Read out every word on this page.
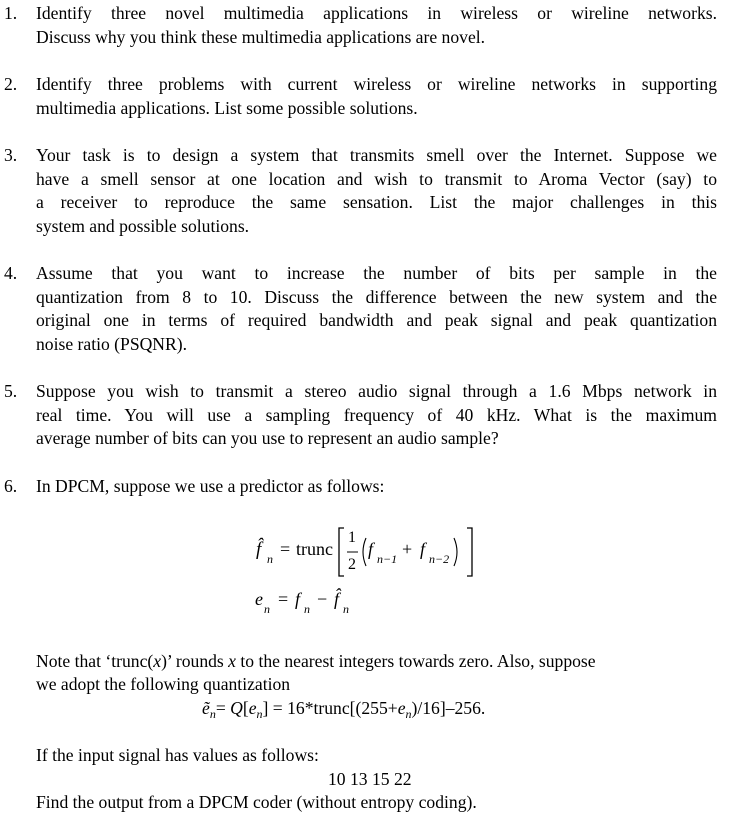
1. Identify three novel multimedia applications in wireless or wireline networks.
Discuss why you think these multimedia applications are novel.
2. Identify three problems with current wireless or wireline networks in supporting
multimedia applications. List some possible solutions.
3. Your task is to design a system that transmits smell over the Internet. Suppose we
have a smell sensor at one location and wish to transmit to Aroma Vector (say) to
a receiver to reproduce the same sensation. List the major challenges in this
system and possible solutions.
4. Assume that you want to increase the number of bits per sample in the
quantization from 8 to 10. Discuss the difference between the new system and the
original one in terms of required bandwidth and peak signal and peak quantization
noise ratio (PSQNR).
5. Suppose you wish to transmit a stereo audio signal through a 1.6 Mbps network in
real time. You will use a sampling frequency of 40 kHz. What is the maximum
average number of bits can you use to represent an audio sample?
6. In DPCM, suppose we use a predictor as follows:
f̂ n = trunc
1
2
f n−1 + f n−2
e n = f n − f̂ n
Note that ‘trunc(x)’ rounds x to the nearest integers towards zero. Also, suppose
we adopt the following quantization
ẽ$_n$= $Q[e_n]$ = $16*trunc[(255+e_n)/16]-256$.
If the input signal has values as follows:
10 13 15 22
Find the output from a DPCM coder (without entropy coding).
